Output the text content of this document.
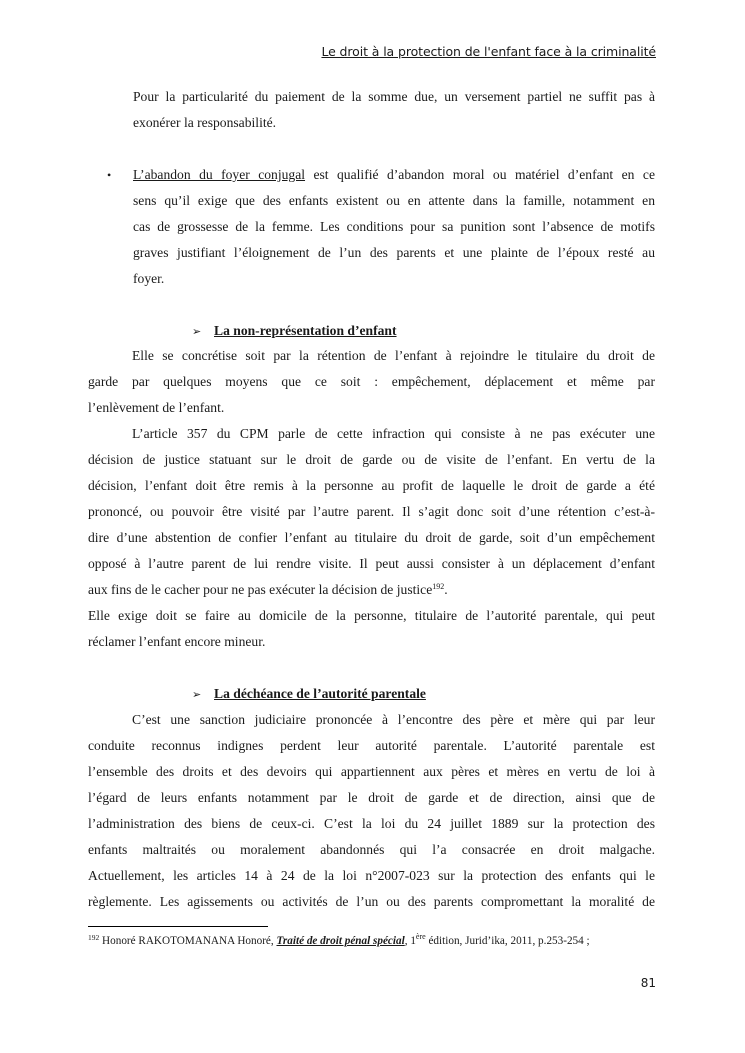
Le droit à la protection de l'enfant face à la criminalité
Pour la particularité du paiement de la somme due, un versement partiel ne suffit pas à
exonérer la responsabilité.
• L’abandon du foyer conjugal est qualifié d’abandon moral ou matériel d’enfant en ce
sens qu’il exige que des enfants existent ou en attente dans la famille, notamment en
cas de grossesse de la femme. Les conditions pour sa punition sont l’absence de motifs
graves justifiant l’éloignement de l’un des parents et une plainte de l’époux resté au
foyer.
➢ La non-représentation d’enfant
Elle se concrétise soit par la rétention de l’enfant à rejoindre le titulaire du droit de
garde par quelques moyens que ce soit : empêchement, déplacement et même par
l’enlèvement de l’enfant.
L’article 357 du CPM parle de cette infraction qui consiste à ne pas exécuter une
décision de justice statuant sur le droit de garde ou de visite de l’enfant. En vertu de la
décision, l’enfant doit être remis à la personne au profit de laquelle le droit de garde a été
prononcé, ou pouvoir être visité par l’autre parent. Il s’agit donc soit d’une rétention c’est-à-
dire d’une abstention de confier l’enfant au titulaire du droit de garde, soit d’un empêchement
opposé à l’autre parent de lui rendre visite. Il peut aussi consister à un déplacement d’enfant
aux fins de le cacher pour ne pas exécuter la décision de justice$^{192}$.
Elle exige doit se faire au domicile de la personne, titulaire de l’autorité parentale, qui peut
réclamer l’enfant encore mineur.
➢ La déchéance de l’autorité parentale
C’est une sanction judiciaire prononcée à l’encontre des père et mère qui par leur
conduite reconnus indignes perdent leur autorité parentale. L’autorité parentale est
l’ensemble des droits et des devoirs qui appartiennent aux pères et mères en vertu de loi à
l’égard de leurs enfants notamment par le droit de garde et de direction, ainsi que de
l’administration des biens de ceux-ci. C’est la loi du 24 juillet 1889 sur la protection des
enfants maltraités ou moralement abandonnés qui l’a consacrée en droit malgache.
Actuellement, les articles 14 à 24 de la loi n°2007-023 sur la protection des enfants qui le
règlemente. Les agissements ou activités de l’un ou des parents compromettant la moralité de
$^{192}$ Honoré RAKOTOMANANA Honoré, Traité de droit pénal spécial, 1ère édition, Jurid’ika, 2011, p.253-254 ;
81
